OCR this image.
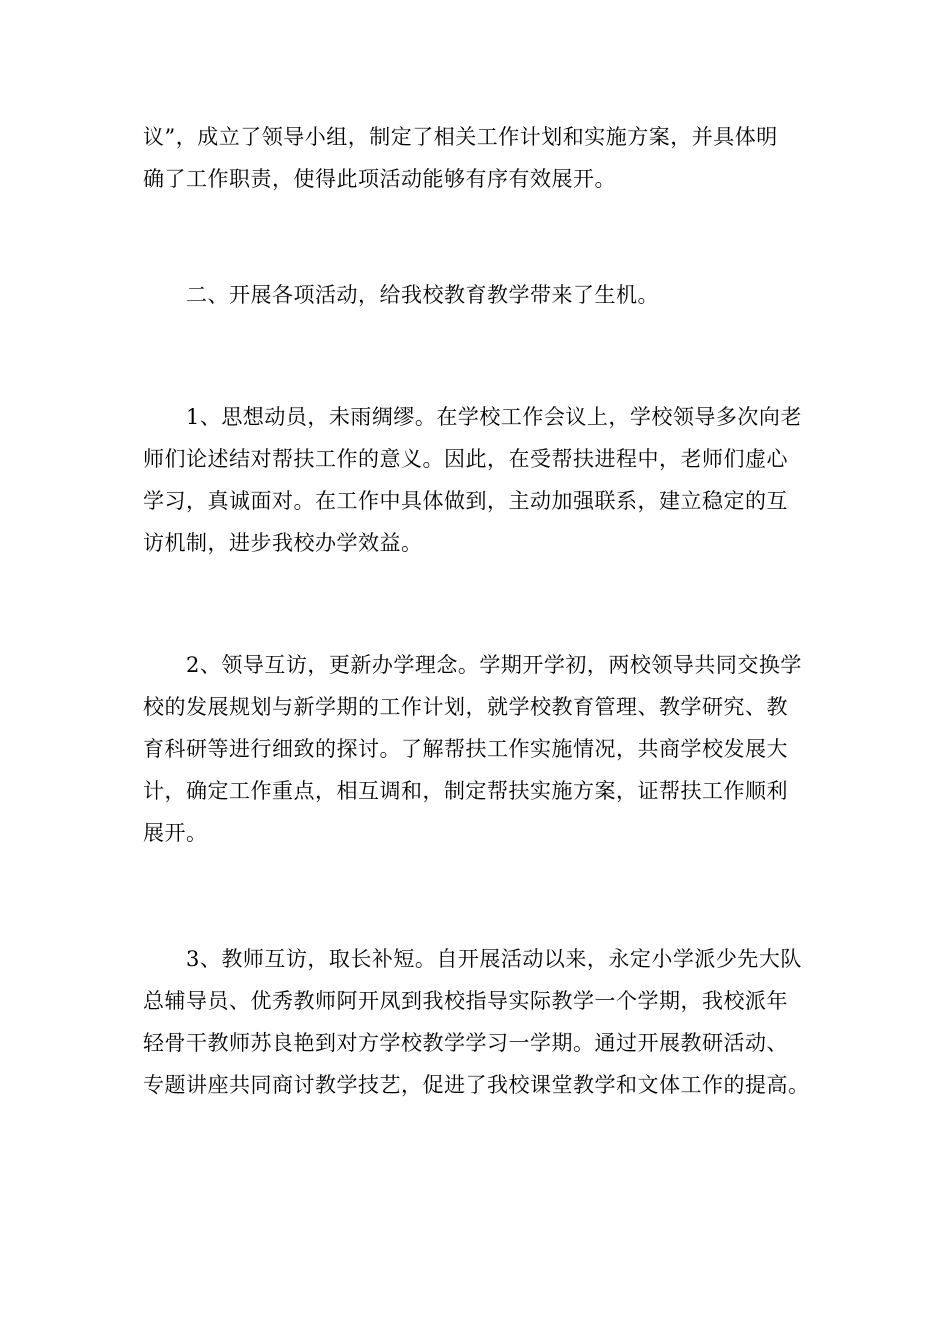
议”，成立了领导小组，制定了相关工作计划和实施方案，并具体明
确了工作职责，使得此项活动能够有序有效展开。

二、开展各项活动，给我校教育教学带来了生机。

1、思想动员，未雨绸缪。在学校工作会议上，学校领导多次向老
师们论述结对帮扶工作的意义。因此，在受帮扶进程中，老师们虚心
学习，真诚面对。在工作中具体做到，主动加强联系，建立稳定的互
访机制，进步我校办学效益。

2、领导互访，更新办学理念。学期开学初，两校领导共同交换学
校的发展规划与新学期的工作计划，就学校教育管理、教学研究、教
育科研等进行细致的探讨。了解帮扶工作实施情况，共商学校发展大
计，确定工作重点，相互调和，制定帮扶实施方案，证帮扶工作顺利
展开。

3、教师互访，取长补短。自开展活动以来，永定小学派少先大队
总辅导员、优秀教师阿开凤到我校指导实际教学一个学期，我校派年
轻骨干教师苏良艳到对方学校教学学习一学期。通过开展教研活动、
专题讲座共同商讨教学技艺，促进了我校课堂教学和文体工作的提高。
